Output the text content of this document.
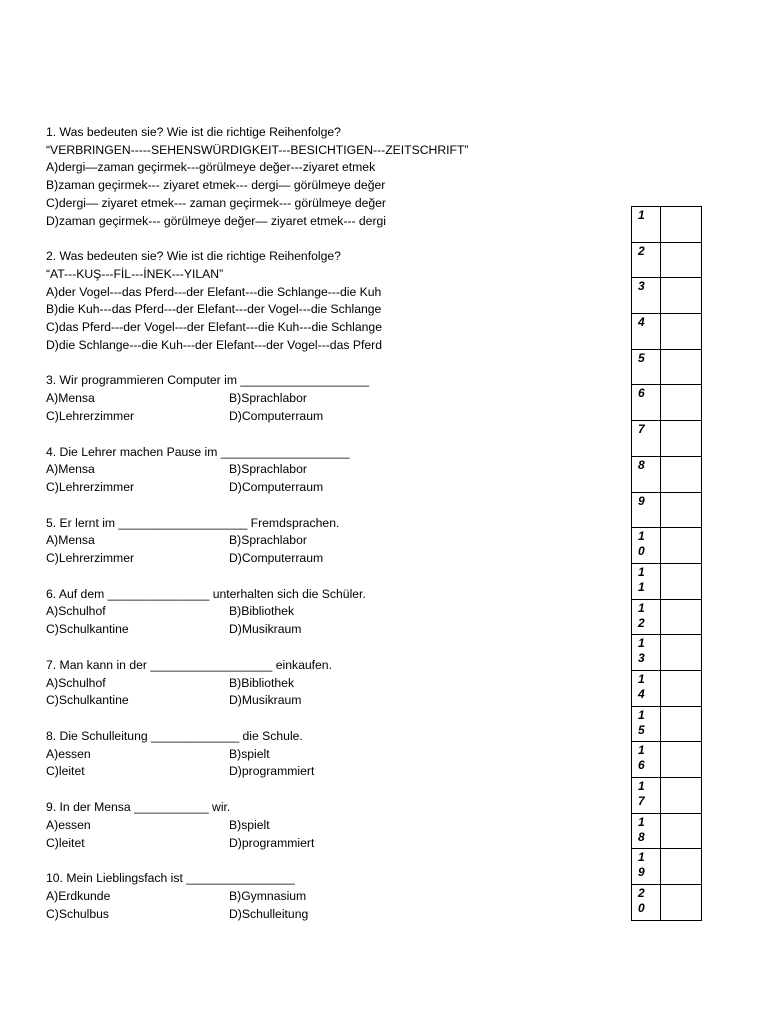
1. Was bedeuten sie? Wie ist die richtige Reihenfolge?
“VERBRINGEN-----SEHENSWÜRDIGKEIT---BESICHTIGEN---ZEITSCHRIFT”
A)dergi—zaman geçirmek---görülmeye değer---ziyaret etmek
B)zaman geçirmek--- ziyaret etmek--- dergi— görülmeye değer
C)dergi— ziyaret etmek--- zaman geçirmek--- görülmeye değer
D)zaman geçirmek--- görülmeye değer— ziyaret etmek--- dergi
2. Was bedeuten sie? Wie ist die richtige Reihenfolge?
“AT---KUŞ---FİL---İNEK---YILAN”
A)der Vogel---das Pferd---der Elefant---die Schlange---die Kuh
B)die Kuh---das Pferd---der Elefant---der Vogel---die Schlange
C)das Pferd---der Vogel---der Elefant---die Kuh---die Schlange
D)die Schlange---die Kuh---der Elefant---der Vogel---das Pferd
3. Wir programmieren Computer im ___________________
A)Mensa	B)Sprachlabor
C)Lehrerzimmer	D)Computerraum
4. Die Lehrer machen Pause im ___________________
A)Mensa	B)Sprachlabor
C)Lehrerzimmer	D)Computerraum
5. Er lernt im ___________________ Fremdsprachen.
A)Mensa	B)Sprachlabor
C)Lehrerzimmer	D)Computerraum
6. Auf dem _______________ unterhalten sich die Schüler.
A)Schulhof	B)Bibliothek
C)Schulkantine	D)Musikraum
7. Man kann in der __________________ einkaufen.
A)Schulhof	B)Bibliothek
C)Schulkantine	D)Musikraum
8. Die Schulleitung _____________ die Schule.
A)essen	B)spielt
C)leitet	D)programmiert
9. In der Mensa ___________ wir.
A)essen	B)spielt
C)leitet	D)programmiert
10. Mein Lieblingsfach ist ________________
A)Erdkunde	B)Gymnasium
C)Schulbus	D)Schulleitung
1	

2	

3	

4	

5	

6	

7	

8	

9	

1
0	

1
1	

1
2	

1
3	

1
4	

1
5	

1
6	

1
7	

1
8	

1
9	

2
0	
